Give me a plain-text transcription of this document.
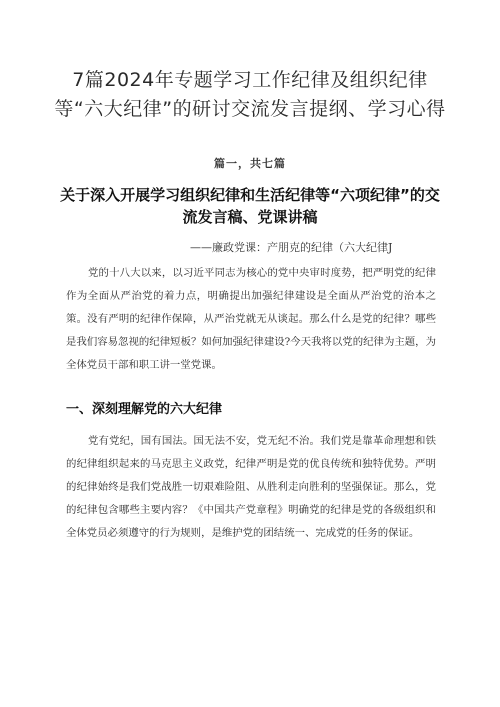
7篇2024年专题学习工作纪律及组织纪律等“六大纪律”的研讨交流发言提纲、学习心得
篇一，共七篇
关于深入开展学习组织纪律和生活纪律等“六项纪律”的交流发言稿、党课讲稿
——廉政党课：产朋克的纪律（六大纪律J

党的十八大以来，以习近平同志为核心的党中央审时度势，把严明党的纪律作为全面从严治党的着力点，明确提出加强纪律建设是全面从严治党的治本之策。没有严明的纪律作保障，从严治党就无从谈起。那么什么是党的纪律？哪些是我们容易忽视的纪律短板？如何加强纪律建设?今天我将以党的纪律为主题，为全体党员干部和职工讲一堂党课。

一、深刻理解党的六大纪律

党有党纪，国有国法。国无法不安，党无纪不治。我们党是靠革命理想和铁的纪律组织起来的马克思主义政党，纪律严明是党的优良传统和独特优势。严明的纪律始终是我们党战胜一切艰难险阻、从胜利走向胜利的坚强保证。那么，党的纪律包含哪些主要内容？《中国共产党章程》明确党的纪律是党的各级组织和全体党员必须遵守的行为规则，是维护党的团结统一、完成党的任务的保证。
